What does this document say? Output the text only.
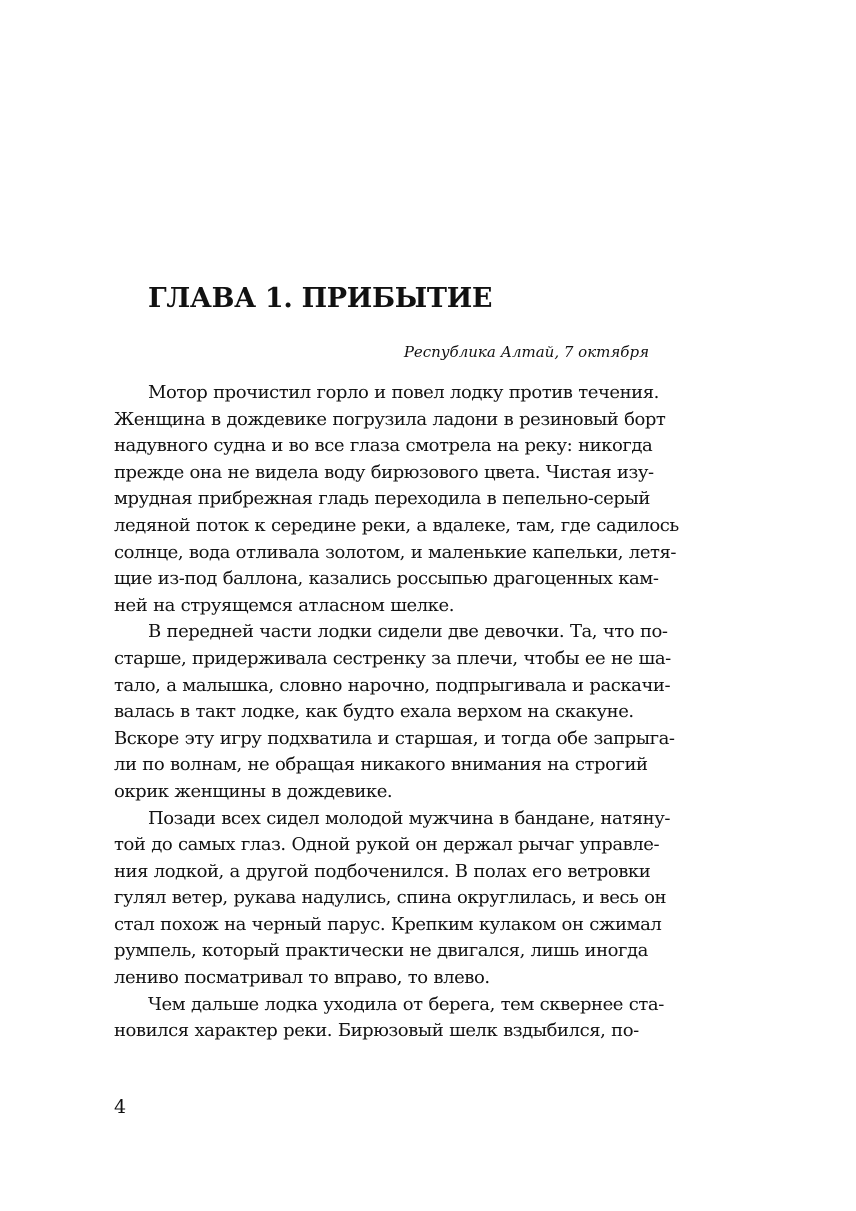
ГЛАВА 1. ПРИБЫТИЕ

Республика Алтай, 7 октября

Мотор прочистил горло и повел лодку против течения.
Женщина в дождевике погрузила ладони в резиновый борт
надувного судна и во все глаза смотрела на реку: никогда
прежде она не видела воду бирюзового цвета. Чистая изу-
мрудная прибрежная гладь переходила в пепельно-серый
ледяной поток к середине реки, а вдалеке, там, где садилось
солнце, вода отливала золотом, и маленькие капельки, летя-
щие из-под баллона, казались россыпью драгоценных кам-
ней на струящемся атласном шелке.
В передней части лодки сидели две девочки. Та, что по-
старше, придерживала сестренку за плечи, чтобы ее не ша-
тало, а малышка, словно нарочно, подпрыгивала и раскачи-
валась в такт лодке, как будто ехала верхом на скакуне.
Вскоре эту игру подхватила и старшая, и тогда обе запрыга-
ли по волнам, не обращая никакого внимания на строгий
окрик женщины в дождевике.
Позади всех сидел молодой мужчина в бандане, натяну-
той до самых глаз. Одной рукой он держал рычаг управле-
ния лодкой, а другой подбоченился. В полах его ветровки
гулял ветер, рукава надулись, спина округлилась, и весь он
стал похож на черный парус. Крепким кулаком он сжимал
румпель, который практически не двигался, лишь иногда
лениво посматривал то вправо, то влево.
Чем дальше лодка уходила от берега, тем сквернее ста-
новился характер реки. Бирюзовый шелк вздыбился, по-

4
